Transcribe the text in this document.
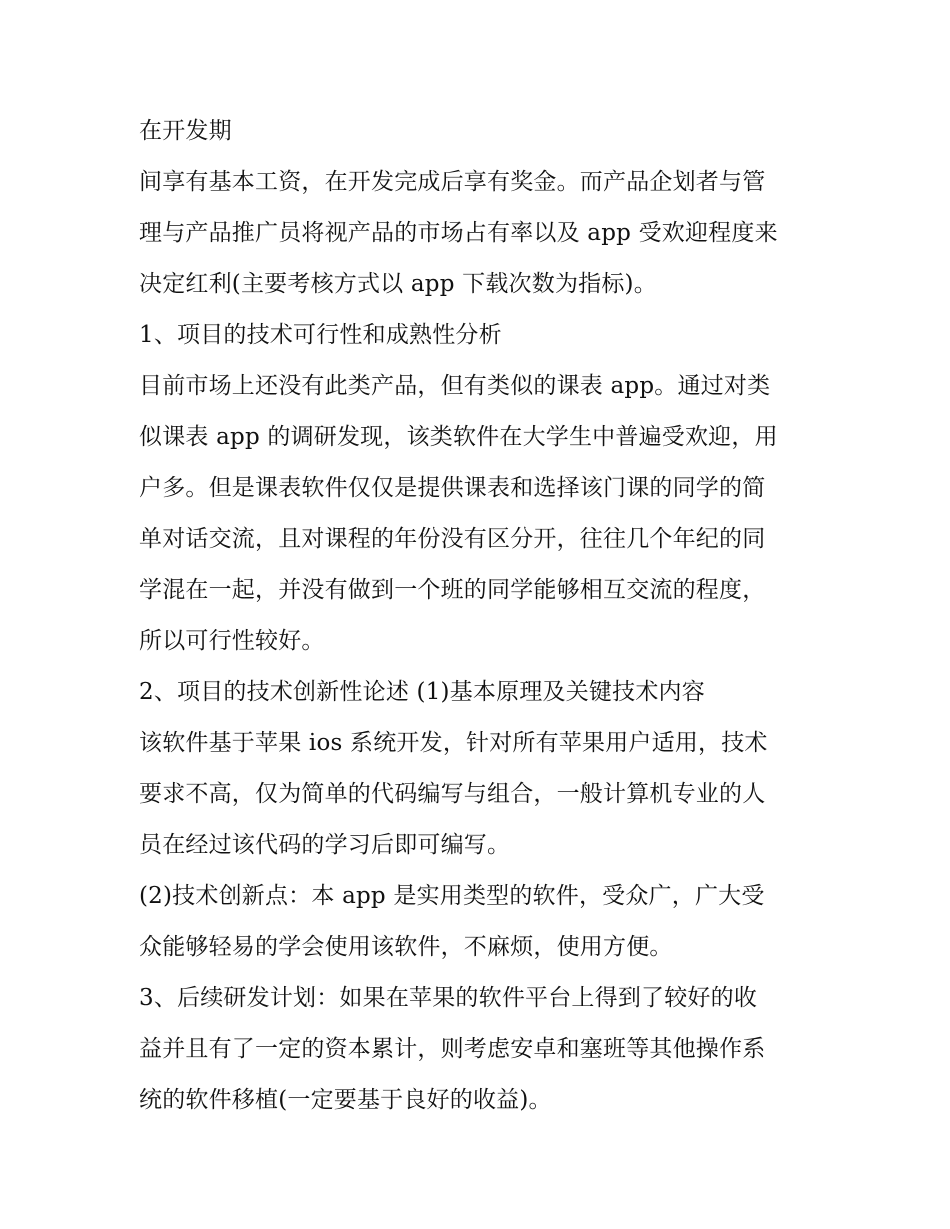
在开发期
间享有基本工资，在开发完成后享有奖金。而产品企划者与管
理与产品推广员将视产品的市场占有率以及 app 受欢迎程度来
决定红利(主要考核方式以 app 下载次数为指标)。
1、项目的技术可行性和成熟性分析
目前市场上还没有此类产品，但有类似的课表 app。通过对类
似课表 app 的调研发现，该类软件在大学生中普遍受欢迎，用
户多。但是课表软件仅仅是提供课表和选择该门课的同学的简
单对话交流，且对课程的年份没有区分开，往往几个年纪的同
学混在一起，并没有做到一个班的同学能够相互交流的程度，
所以可行性较好。
2、项目的技术创新性论述 (1)基本原理及关键技术内容
该软件基于苹果 ios 系统开发，针对所有苹果用户适用，技术
要求不高，仅为简单的代码编写与组合，一般计算机专业的人
员在经过该代码的学习后即可编写。
(2)技术创新点：本 app 是实用类型的软件，受众广，广大受
众能够轻易的学会使用该软件，不麻烦，使用方便。
3、后续研发计划：如果在苹果的软件平台上得到了较好的收
益并且有了一定的资本累计，则考虑安卓和塞班等其他操作系
统的软件移植(一定要基于良好的收益)。
